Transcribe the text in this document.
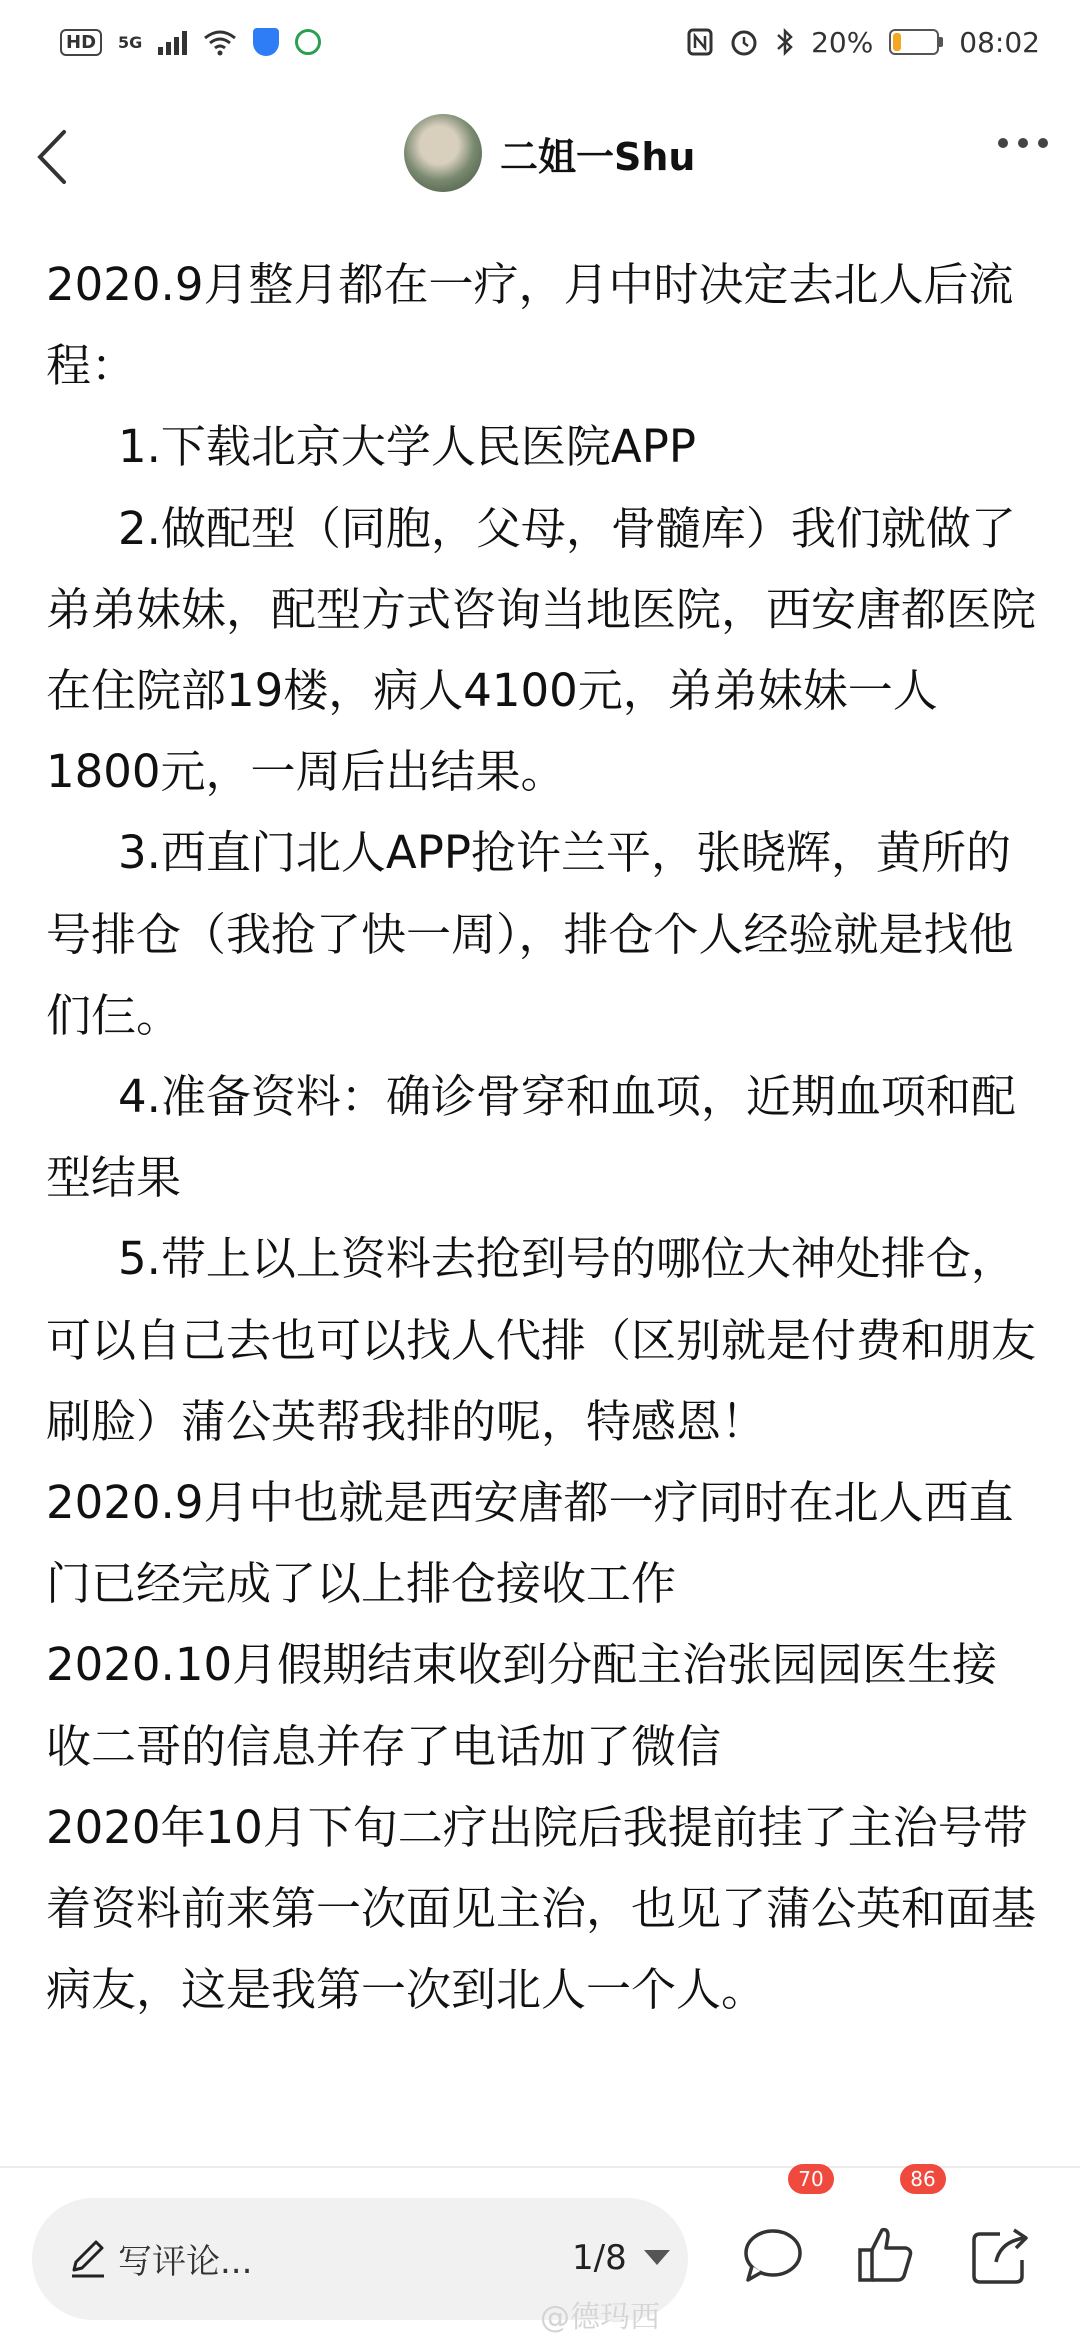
HD	5G	20%	08:02
二姐一Shu

2020.9月整月都在一疗，月中时决定去北人后流程：

1.下载北京大学人民医院APP

2.做配型（同胞，父母，骨髓库）我们就做了弟弟妹妹，配型方式咨询当地医院，西安唐都医院在住院部19楼，病人4100元，弟弟妹妹一人1800元，一周后出结果。

3.西直门北人APP抢许兰平，张晓辉，黄所的号排仓（我抢了快一周），排仓个人经验就是找他们仨。

4.准备资料：确诊骨穿和血项，近期血项和配型结果

5.带上以上资料去抢到号的哪位大神处排仓，可以自己去也可以找人代排（区别就是付费和朋友刷脸）蒲公英帮我排的呢，特感恩！

2020.9月中也就是西安唐都一疗同时在北人西直门已经完成了以上排仓接收工作

2020.10月假期结束收到分配主治张园园医生接收二哥的信息并存了电话加了微信

2020年10月下旬二疗出院后我提前挂了主治号带着资料前来第一次面见主治，也见了蒲公英和面基病友，这是我第一次到北人一个人。

写评论...	1/8
70	86
@德玛西
